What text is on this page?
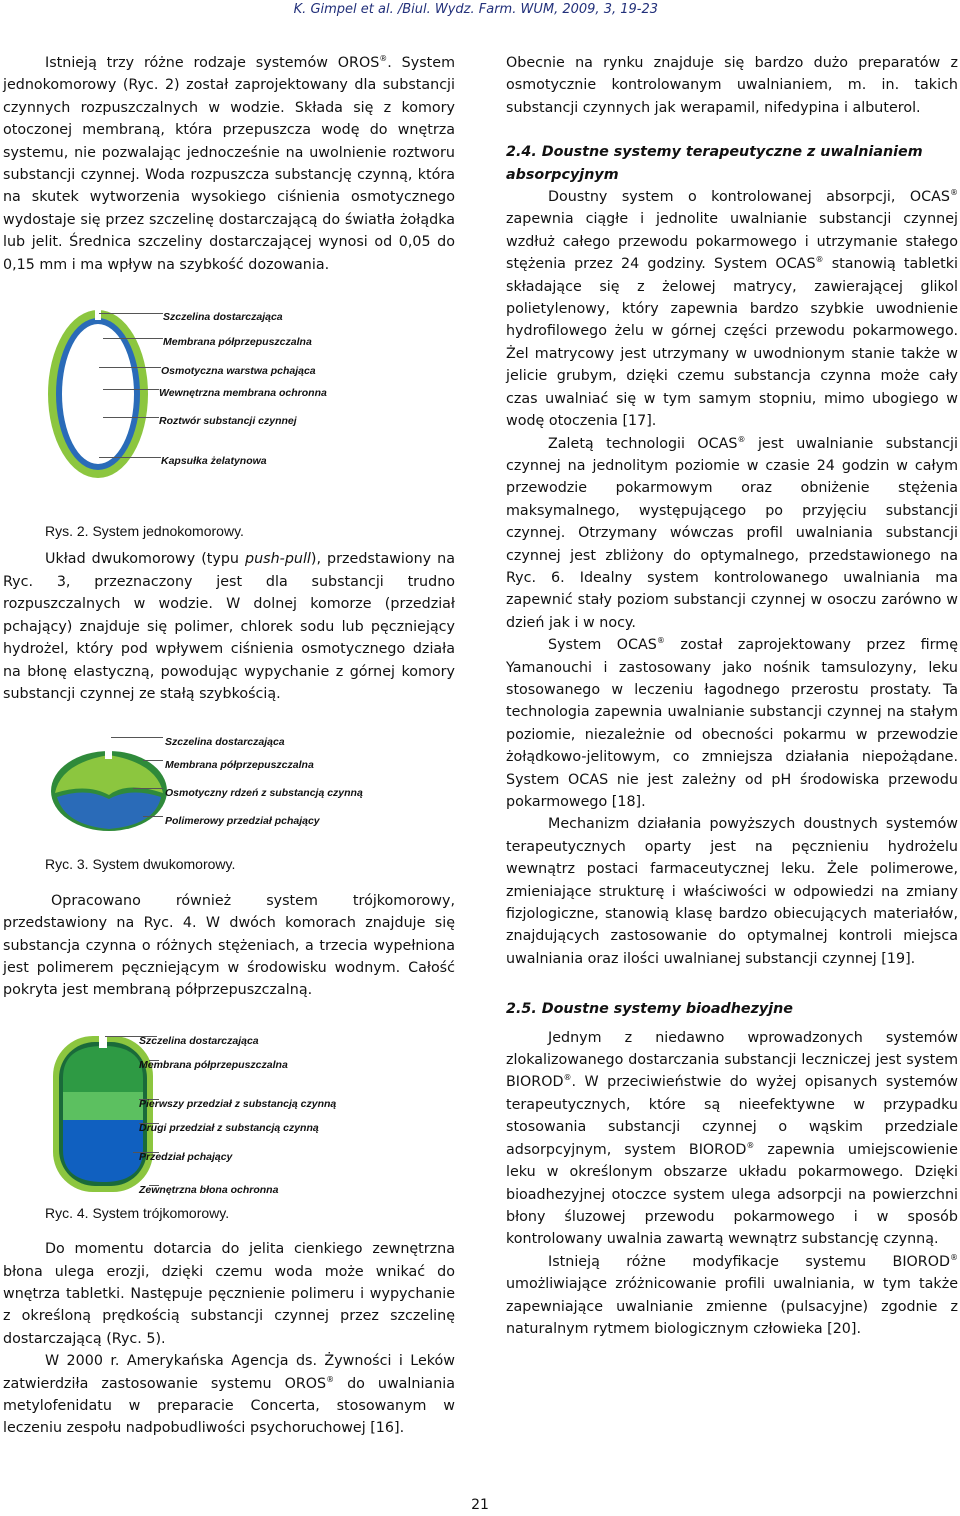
K. Gimpel et al. /Biul. Wydz. Farm. WUM, 2009, 3, 19-23

Istnieją trzy różne rodzaje systemów OROS®. System jednokomorowy (Ryc. 2) został zaprojektowany dla substancji czynnych rozpuszczalnych w wodzie. Składa się z komory otoczonej membraną, która przepuszcza wodę do wnętrza systemu, nie pozwalając jednocześnie na uwolnienie roztworu substancji czynnej. Woda rozpuszcza substancję czynną, która na skutek wytworzenia wysokiego ciśnienia osmotycznego wydostaje się przez szczelinę dostarczającą do światła żołądka lub jelit. Średnica szczeliny dostarczającej wynosi od 0,05 do 0,15 mm i ma wpływ na szybkość dozowania.

Szczelina dostarczająca
Membrana półprzepuszczalna
Osmotyczna warstwa pchająca
Wewnętrzna membrana ochronna
Roztwór substancji czynnej
Kapsułka żelatynowa

Rys. 2. System jednokomorowy.

Układ dwukomorowy (typu push-pull), przedstawiony na Ryc. 3, przeznaczony jest dla substancji trudno rozpuszczalnych w wodzie. W dolnej komorze (przedział pchający) znajduje się polimer, chlorek sodu lub pęczniejący hydrożel, który pod wpływem ciśnienia osmotycznego działa na błonę elastyczną, powodując wypychanie z górnej komory substancji czynnej ze stałą szybkością.

Szczelina dostarczająca
Membrana półprzepuszczalna
Osmotyczny rdzeń z substancją czynną
Polimerowy przedział pchający

Ryc. 3. System dwukomorowy.

Opracowano również system trójkomorowy, przedstawiony na Ryc. 4. W dwóch komorach znajduje się substancja czynna o różnych stężeniach, a trzecia wypełniona jest polimerem pęczniejącym w środowisku wodnym. Całość pokryta jest membraną półprzepuszczalną.

Szczelina dostarczająca
Membrana półprzepuszczalna
Pierwszy przedział z substancją czynną
Drugi przedział z substancją czynną
Przedział pchający
Zewnętrzna błona ochronna

Ryc. 4. System trójkomorowy.

Do momentu dotarcia do jelita cienkiego zewnętrzna błona ulega erozji, dzięki czemu woda może wnikać do wnętrza tabletki. Następuje pęcznienie polimeru i wypychanie z określoną prędkością substancji czynnej przez szczelinę dostarczającą (Ryc. 5).

W 2000 r. Amerykańska Agencja ds. Żywności i Leków zatwierdziła zastosowanie systemu OROS® do uwalniania metylofenidatu w preparacie Concerta, stosowanym w leczeniu zespołu nadpobudliwości psychoruchowej [16].

Obecnie na rynku znajduje się bardzo dużo preparatów z osmotycznie kontrolowanym uwalnianiem, m. in. takich substancji czynnych jak werapamil, nifedypina i albuterol.

2.4. Doustne systemy terapeutyczne z uwalnianiem absorpcyjnym

Doustny system o kontrolowanej absorpcji, OCAS® zapewnia ciągłe i jednolite uwalnianie substancji czynnej wzdłuż całego przewodu pokarmowego i utrzymanie stałego stężenia przez 24 godziny. System OCAS® stanowią tabletki składające się z żelowej matrycy, zawierającej glikol polietylenowy, który zapewnia bardzo szybkie uwodnienie hydrofilowego żelu w górnej części przewodu pokarmowego. Żel matrycowy jest utrzymany w uwodnionym stanie także w jelicie grubym, dzięki czemu substancja czynna może cały czas uwalniać się w tym samym stopniu, mimo ubogiego w wodę otoczenia [17].

Zaletą technologii OCAS® jest uwalnianie substancji czynnej na jednolitym poziomie w czasie 24 godzin w całym przewodzie pokarmowym oraz obniżenie stężenia maksymalnego, występującego po przyjęciu substancji czynnej. Otrzymany wówczas profil uwalniania substancji czynnej jest zbliżony do optymalnego, przedstawionego na Ryc. 6. Idealny system kontrolowanego uwalniania ma zapewnić stały poziom substancji czynnej w osoczu zarówno w dzień jak i w nocy.

System OCAS® został zaprojektowany przez firmę Yamanouchi i zastosowany jako nośnik tamsulozyny, leku stosowanego w leczeniu łagodnego przerostu prostaty. Ta technologia zapewnia uwalnianie substancji czynnej na stałym poziomie, niezależnie od obecności pokarmu w przewodzie żołądkowo-jelitowym, co zmniejsza działania niepożądane. System OCAS nie jest zależny od pH środowiska przewodu pokarmowego [18].

Mechanizm działania powyższych doustnych systemów terapeutycznych oparty jest na pęcznieniu hydrożelu wewnątrz postaci farmaceutycznej leku. Żele polimerowe, zmieniające strukturę i właściwości w odpowiedzi na zmiany fizjologiczne, stanowią klasę bardzo obiecujących materiałów, znajdujących zastosowanie do optymalnej kontroli miejsca uwalniania oraz ilości uwalnianej substancji czynnej [19].

2.5. Doustne systemy bioadhezyjne

Jednym z niedawno wprowadzonych systemów zlokalizowanego dostarczania substancji leczniczej jest system BIOROD®. W przeciwieństwie do wyżej opisanych systemów terapeutycznych, które są nieefektywne w przypadku stosowania substancji czynnej o wąskim przedziale adsorpcyjnym, system BIOROD® zapewnia umiejscowienie leku w określonym obszarze układu pokarmowego. Dzięki bioadhezyjnej otoczce system ulega adsorpcji na powierzchni błony śluzowej przewodu pokarmowego i w sposób kontrolowany uwalnia zawartą wewnątrz substancję czynną.

Istnieją różne modyfikacje systemu BIOROD® umożliwiające zróżnicowanie profili uwalniania, w tym także zapewniające uwalnianie zmienne (pulsacyjne) zgodnie z naturalnym rytmem biologicznym człowieka [20].

21
